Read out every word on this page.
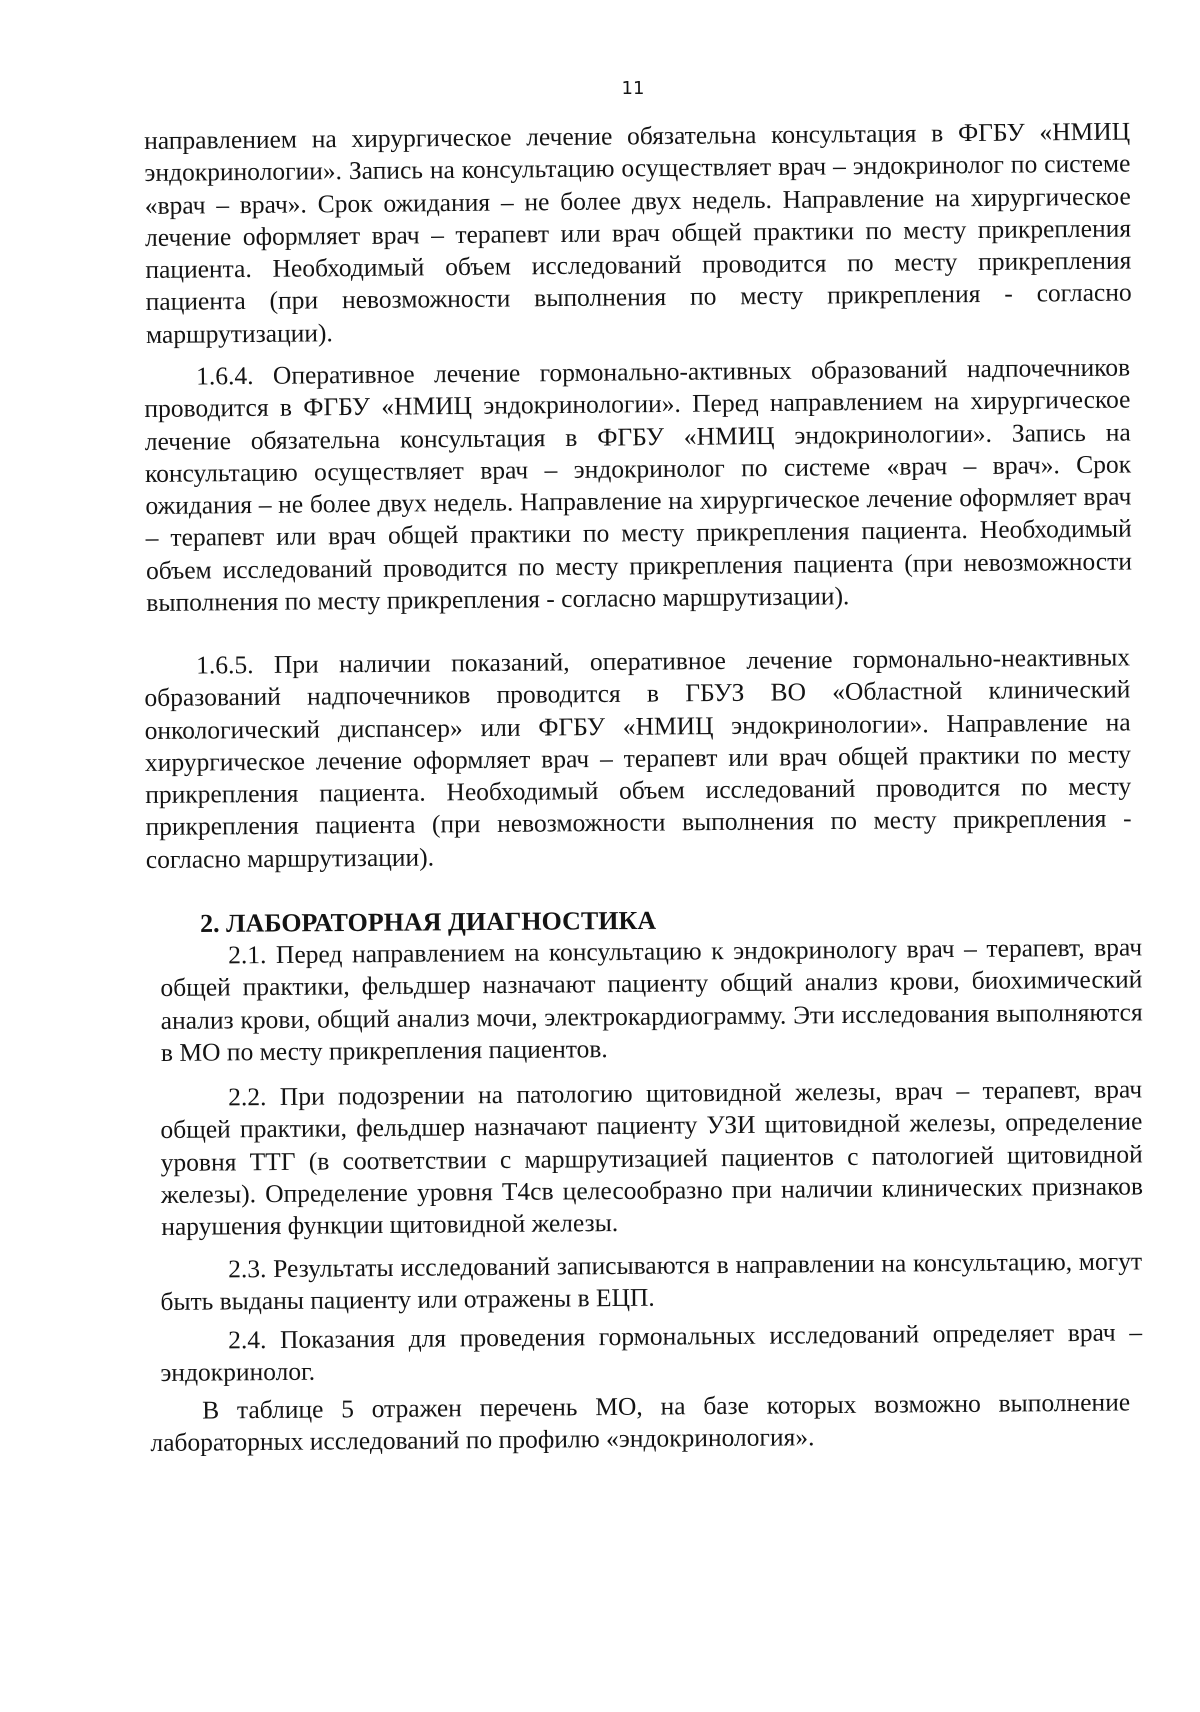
11

направлением на хирургическое лечение обязательна консультация в ФГБУ «НМИЦ эндокринологии». Запись на консультацию осуществляет врач – эндокринолог по системе «врач – врач». Срок ожидания – не более двух недель. Направление на хирургическое лечение оформляет врач – терапевт или врач общей практики по месту прикрепления пациента. Необходимый объем исследований проводится по месту прикрепления пациента (при невозможности выполнения по месту прикрепления - согласно маршрутизации).

1.6.4. Оперативное лечение гормонально-активных образований надпочечников проводится в ФГБУ «НМИЦ эндокринологии». Перед направлением на хирургическое лечение обязательна консультация в ФГБУ «НМИЦ эндокринологии». Запись на консультацию осуществляет врач – эндокринолог по системе «врач – врач». Срок ожидания – не более двух недель. Направление на хирургическое лечение оформляет врач – терапевт или врач общей практики по месту прикрепления пациента. Необходимый объем исследований проводится по месту прикрепления пациента (при невозможности выполнения по месту прикрепления - согласно маршрутизации).

1.6.5. При наличии показаний, оперативное лечение гормонально-неактивных образований надпочечников проводится в ГБУЗ ВО «Областной клинический онкологический диспансер» или ФГБУ «НМИЦ эндокринологии». Направление на хирургическое лечение оформляет врач – терапевт или врач общей практики по месту прикрепления пациента. Необходимый объем исследований проводится по месту прикрепления пациента (при невозможности выполнения по месту прикрепления - согласно маршрутизации).

2. ЛАБОРАТОРНАЯ ДИАГНОСТИКА

2.1. Перед направлением на консультацию к эндокринологу врач – терапевт, врач общей практики, фельдшер назначают пациенту общий анализ крови, биохимический анализ крови, общий анализ мочи, электрокардиограмму. Эти исследования выполняются в МО по месту прикрепления пациентов.

2.2. При подозрении на патологию щитовидной железы, врач – терапевт, врач общей практики, фельдшер назначают пациенту УЗИ щитовидной железы, определение уровня ТТГ (в соответствии с маршрутизацией пациентов с патологией щитовидной железы). Определение уровня Т4св целесообразно при наличии клинических признаков нарушения функции щитовидной железы.

2.3. Результаты исследований записываются в направлении на консультацию, могут быть выданы пациенту или отражены в ЕЦП.

2.4. Показания для проведения гормональных исследований определяет врач – эндокринолог.

В таблице 5 отражен перечень МО, на базе которых возможно выполнение лабораторных исследований по профилю «эндокринология».
